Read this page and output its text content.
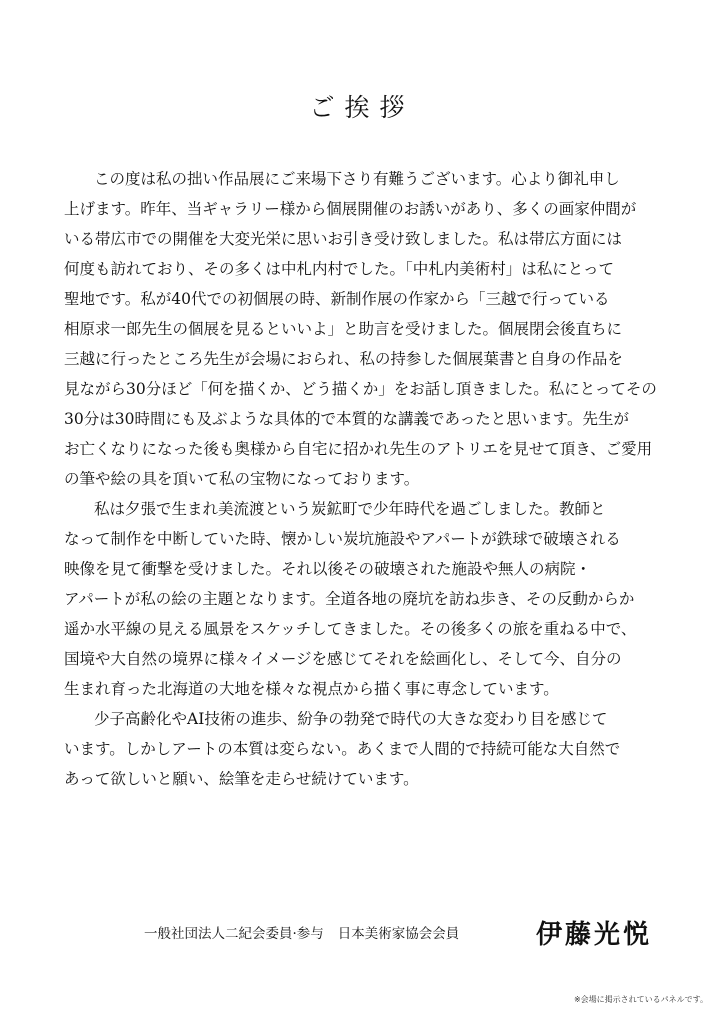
ご挨拶
この度は私の拙い作品展にご来場下さり有難うございます。心より御礼申し
上げます。昨年、当ギャラリー様から個展開催のお誘いがあり、多くの画家仲間が
いる帯広市での開催を大変光栄に思いお引き受け致しました。私は帯広方面には
何度も訪れており、その多くは中札内村でした。「中札内美術村」は私にとって
聖地です。私が40代での初個展の時、新制作展の作家から「三越で行っている
相原求一郎先生の個展を見るといいよ」と助言を受けました。個展閉会後直ちに
三越に行ったところ先生が会場におられ、私の持参した個展葉書と自身の作品を
見ながら30分ほど「何を描くか、どう描くか」をお話し頂きました。私にとってその
30分は30時間にも及ぶような具体的で本質的な講義であったと思います。先生が
お亡くなりになった後も奥様から自宅に招かれ先生のアトリエを見せて頂き、ご愛用
の筆や絵の具を頂いて私の宝物になっております。
私は夕張で生まれ美流渡という炭鉱町で少年時代を過ごしました。教師と
なって制作を中断していた時、懐かしい炭坑施設やアパートが鉄球で破壊される
映像を見て衝撃を受けました。それ以後その破壊された施設や無人の病院・
アパートが私の絵の主題となります。全道各地の廃坑を訪ね歩き、その反動からか
遥か水平線の見える風景をスケッチしてきました。その後多くの旅を重ねる中で、
国境や大自然の境界に様々イメージを感じてそれを絵画化し、そして今、自分の
生まれ育った北海道の大地を様々な視点から描く事に専念しています。
少子高齢化やAI技術の進歩、紛争の勃発で時代の大きな変わり目を感じて
います。しかしアートの本質は変らない。あくまで人間的で持続可能な大自然で
あって欲しいと願い、絵筆を走らせ続けています。
一般社団法人二紀会委員·参与 日本美術家協会会員	伊藤光悦
※会場に掲示されているパネルです。
